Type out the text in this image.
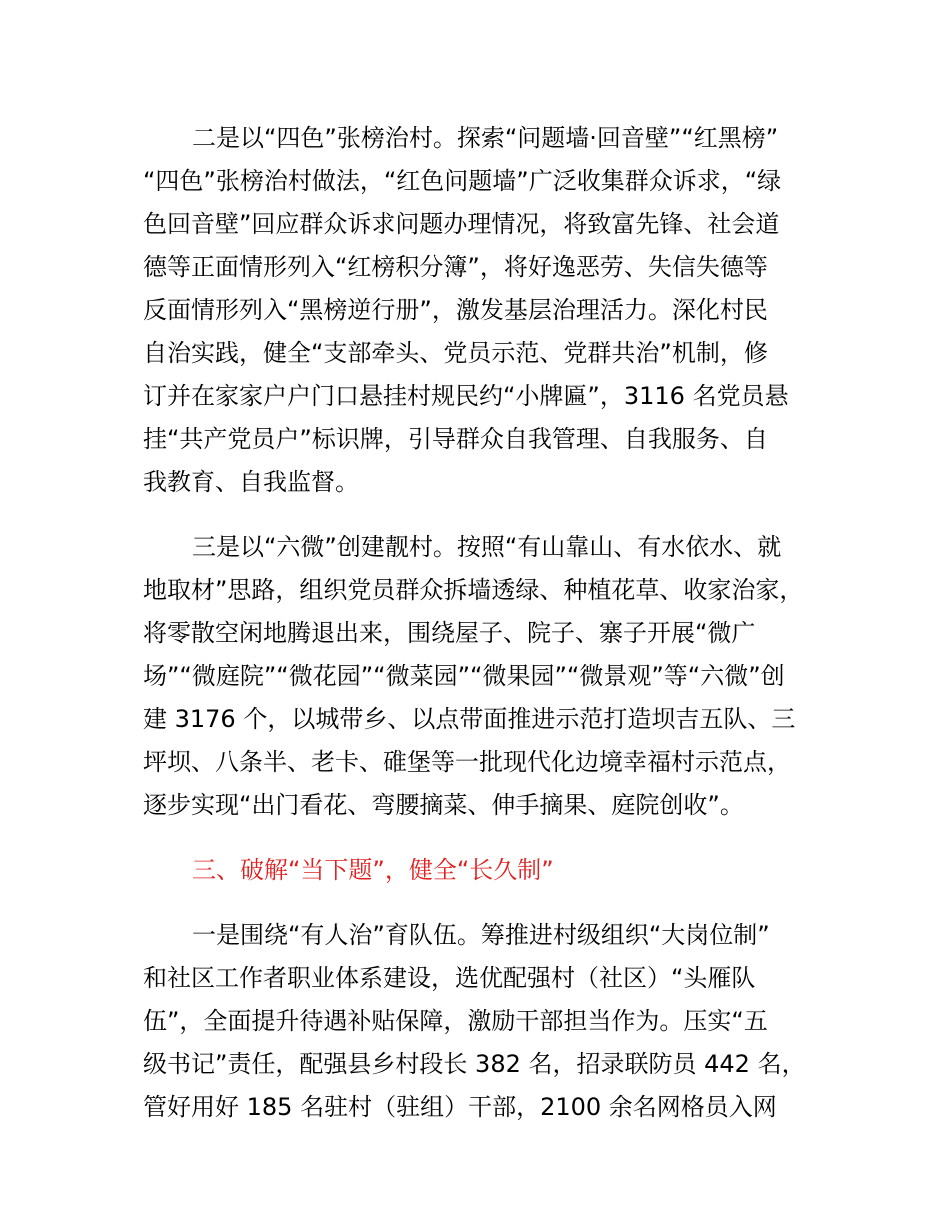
二是以“四色”张榜治村。探索“问题墙·回音壁”“红黑榜”
“四色”张榜治村做法，“红色问题墙”广泛收集群众诉求，“绿
色回音壁”回应群众诉求问题办理情况，将致富先锋、社会道
德等正面情形列入“红榜积分簿”，将好逸恶劳、失信失德等
反面情形列入“黑榜逆行册”，激发基层治理活力。深化村民
自治实践，健全“支部牵头、党员示范、党群共治”机制，修
订并在家家户户门口悬挂村规民约“小牌匾”，3116 名党员悬
挂“共产党员户”标识牌，引导群众自我管理、自我服务、自
我教育、自我监督。
三是以“六微”创建靓村。按照“有山靠山、有水依水、就
地取材”思路，组织党员群众拆墙透绿、种植花草、收家治家，
将零散空闲地腾退出来，围绕屋子、院子、寨子开展“微广
场”“微庭院”“微花园”“微菜园”“微果园”“微景观”等“六微”创
建 3176 个，以城带乡、以点带面推进示范打造坝吉五队、三
坪坝、八条半、老卡、碓堡等一批现代化边境幸福村示范点，
逐步实现“出门看花、弯腰摘菜、伸手摘果、庭院创收”。
三、破解“当下题”，健全“长久制”
一是围绕“有人治”育队伍。筹推进村级组织“大岗位制”
和社区工作者职业体系建设，选优配强村（社区）“头雁队
伍”，全面提升待遇补贴保障，激励干部担当作为。压实“五
级书记”责任，配强县乡村段长 382 名，招录联防员 442 名，
管好用好 185 名驻村（驻组）干部，2100 余名网格员入网
